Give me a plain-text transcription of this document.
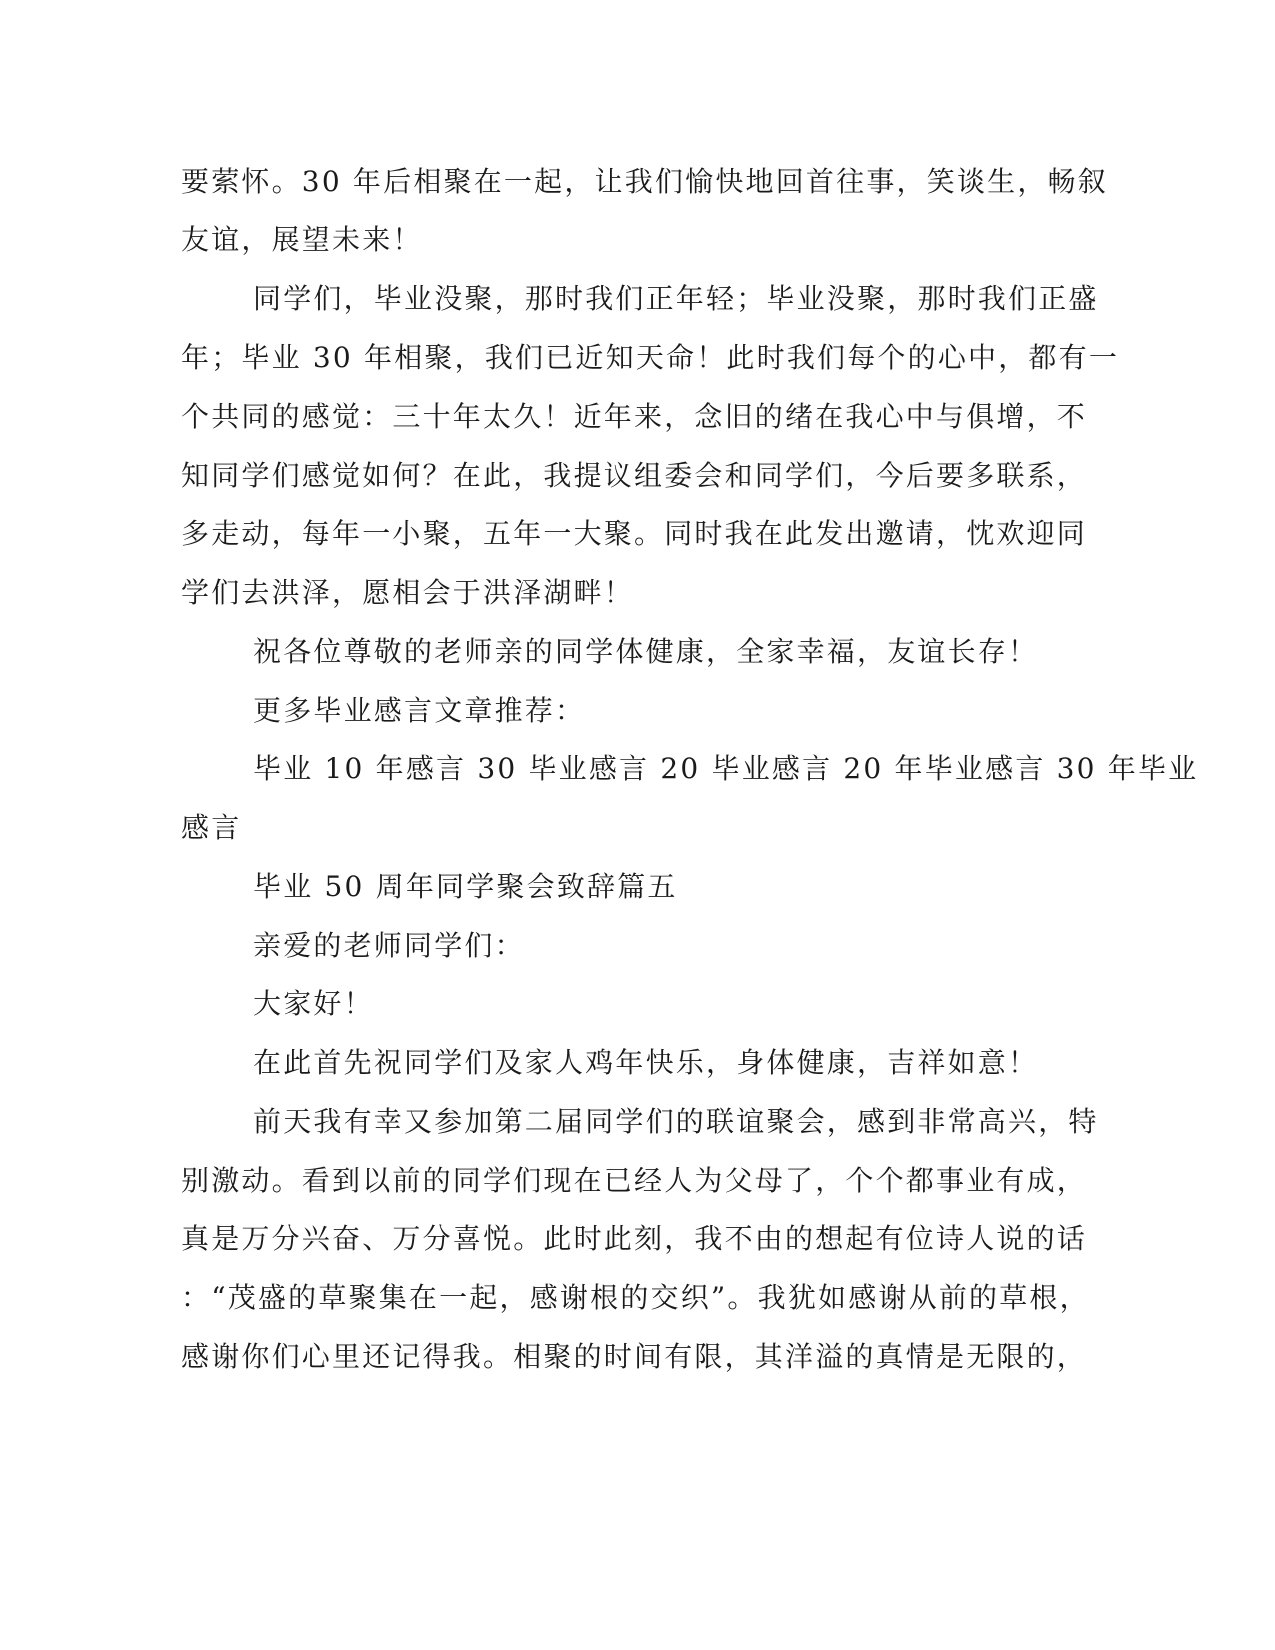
要萦怀。30 年后相聚在一起，让我们愉快地回首往事，笑谈生，畅叙
友谊，展望未来！
同学们，毕业没聚，那时我们正年轻；毕业没聚，那时我们正盛
年；毕业 30 年相聚，我们已近知天命！此时我们每个的心中，都有一
个共同的感觉：三十年太久！近年来，念旧的绪在我心中与俱增，不
知同学们感觉如何？在此，我提议组委会和同学们，今后要多联系，
多走动，每年一小聚，五年一大聚。同时我在此发出邀请，忱欢迎同
学们去洪泽，愿相会于洪泽湖畔！
祝各位尊敬的老师亲的同学体健康，全家幸福，友谊长存！
更多毕业感言文章推荐：
毕业 10 年感言 30 毕业感言 20 毕业感言 20 年毕业感言 30 年毕业
感言
毕业 50 周年同学聚会致辞篇五
亲爱的老师同学们：
大家好！
在此首先祝同学们及家人鸡年快乐，身体健康，吉祥如意！
前天我有幸又参加第二届同学们的联谊聚会，感到非常高兴，特
别激动。看到以前的同学们现在已经人为父母了，个个都事业有成，
真是万分兴奋、万分喜悦。此时此刻，我不由的想起有位诗人说的话
：“茂盛的草聚集在一起，感谢根的交织”。我犹如感谢从前的草根，
感谢你们心里还记得我。相聚的时间有限，其洋溢的真情是无限的，
